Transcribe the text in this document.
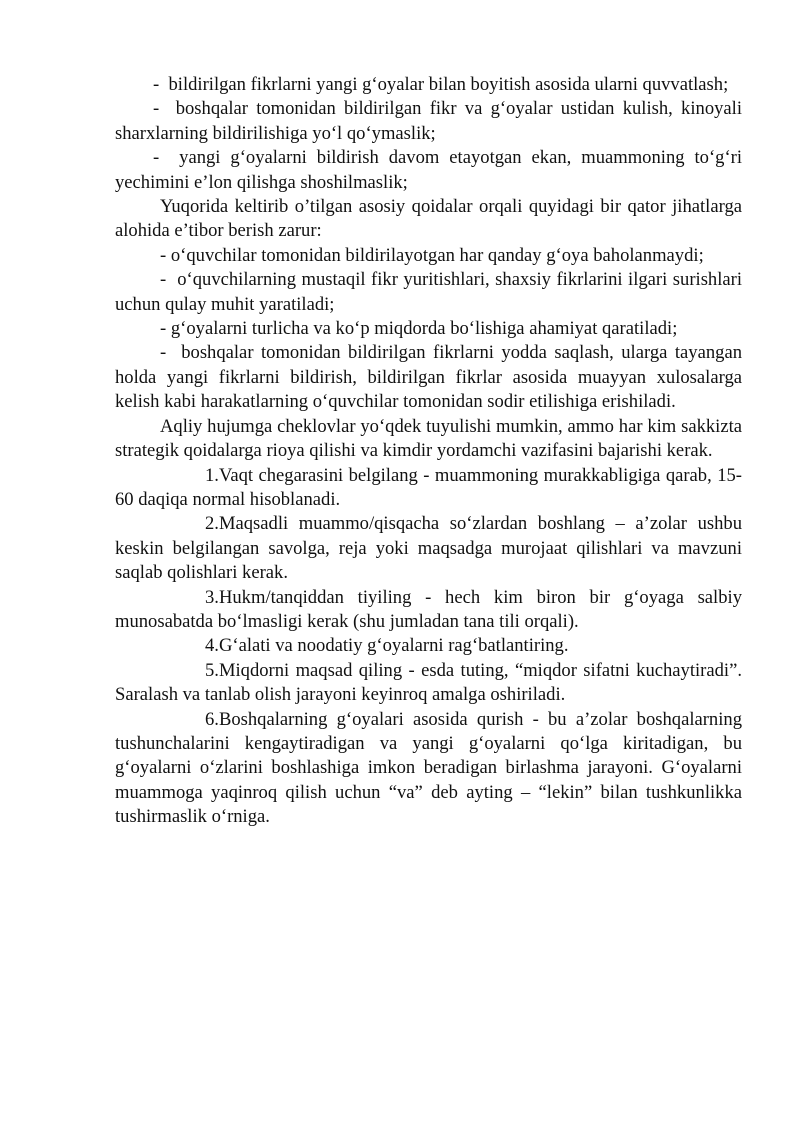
- bildirilgan fikrlarni yangi g‘oyalar bilan boyitish asosida ularni quvvatlash;

- boshqalar tomonidan bildirilgan fikr va g‘oyalar ustidan kulish, kinoyali sharxlarning bildirilishiga yo‘l qo‘ymaslik;

- yangi g‘oyalarni bildirish davom etayotgan ekan, muammoning to‘g‘ri yechimini e’lon qilishga shoshilmaslik;

Yuqorida keltirib o’tilgan asosiy qoidalar orqali quyidagi bir qator jihatlarga alohida e’tibor berish zarur:

- o‘quvchilar tomonidan bildirilayotgan har qanday g‘oya baholanmaydi;

- o‘quvchilarning mustaqil fikr yuritishlari, shaxsiy fikrlarini ilgari surishlari uchun qulay muhit yaratiladi;

- g‘oyalarni turlicha va ko‘p miqdorda bo‘lishiga ahamiyat qaratiladi;

- boshqalar tomonidan bildirilgan fikrlarni yodda saqlash, ularga tayangan holda yangi fikrlarni bildirish, bildirilgan fikrlar asosida muayyan xulosalarga kelish kabi harakatlarning o‘quvchilar tomonidan sodir etilishiga erishiladi.

Aqliy hujumga cheklovlar yo‘qdek tuyulishi mumkin, ammo har kim sakkizta strategik qoidalarga rioya qilishi va kimdir yordamchi vazifasini bajarishi kerak.

1.Vaqt chegarasini belgilang - muammoning murakkabligiga qarab, 15-60 daqiqa normal hisoblanadi.

2.Maqsadli muammo/qisqacha so‘zlardan boshlang – a’zolar ushbu keskin belgilangan savolga, reja yoki maqsadga murojaat qilishlari va mavzuni saqlab qolishlari kerak.

3.Hukm/tanqiddan tiyiling - hech kim biron bir g‘oyaga salbiy munosabatda bo‘lmasligi kerak (shu jumladan tana tili orqali).

4.G‘alati va noodatiy g‘oyalarni rag‘batlantiring.

5.Miqdorni maqsad qiling - esda tuting, “miqdor sifatni kuchaytiradi”. Saralash va tanlab olish jarayoni keyinroq amalga oshiriladi.

6.Boshqalarning g‘oyalari asosida qurish - bu a’zolar boshqalarning tushunchalarini kengaytiradigan va yangi g‘oyalarni qo‘lga kiritadigan, bu g‘oyalarni o‘zlarini boshlashiga imkon beradigan birlashma jarayoni. G‘oyalarni muammoga yaqinroq qilish uchun “va” deb ayting – “lekin” bilan tushkunlikka tushirmaslik o‘rniga.
